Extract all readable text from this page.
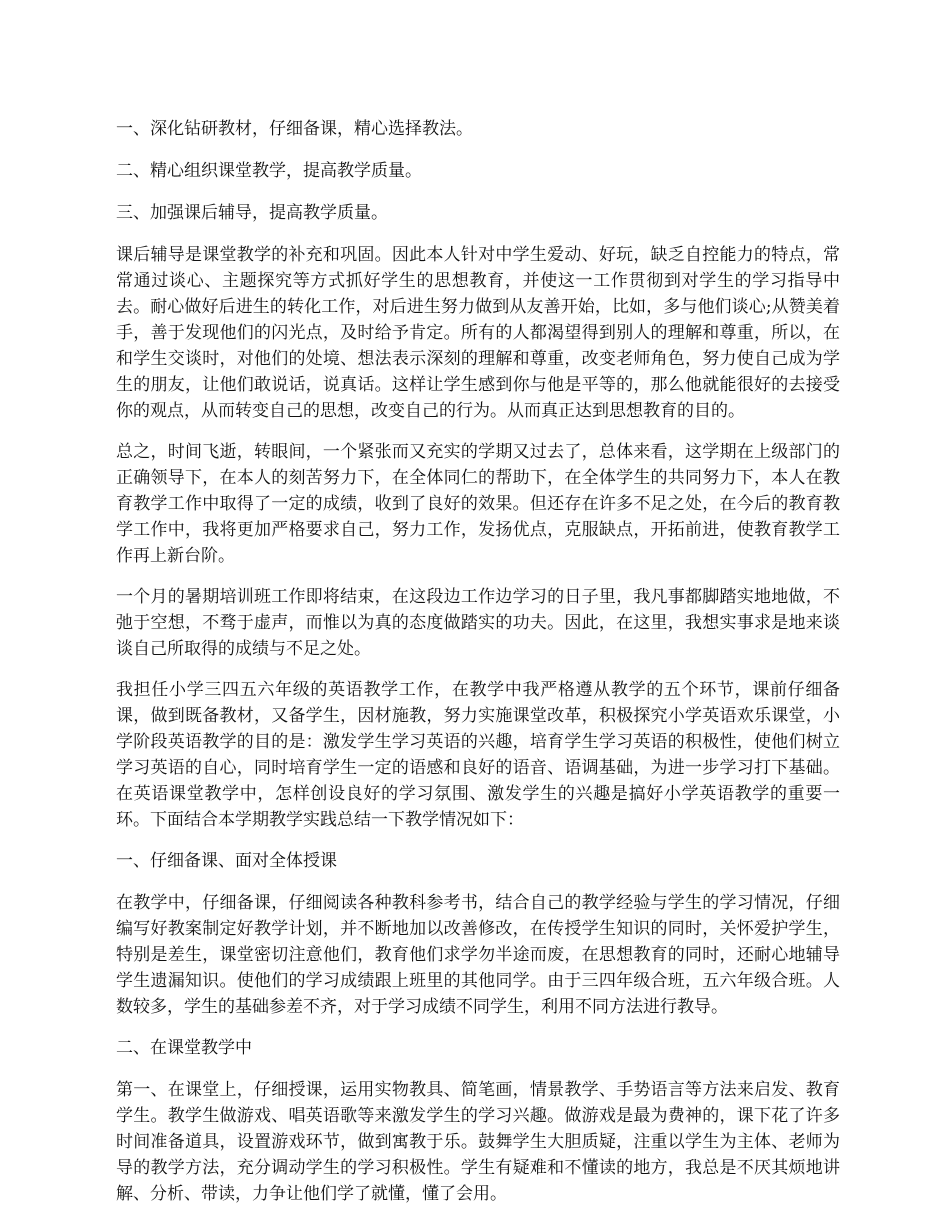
一、深化钻研教材，仔细备课，精心选择教法。

二、精心组织课堂教学，提高教学质量。

三、加强课后辅导，提高教学质量。

课后辅导是课堂教学的补充和巩固。因此本人针对中学生爱动、好玩，缺乏自控能力的特点，常常通过谈心、主题探究等方式抓好学生的思想教育，并使这一工作贯彻到对学生的学习指导中去。耐心做好后进生的转化工作，对后进生努力做到从友善开始，比如，多与他们谈心;从赞美着手，善于发现他们的闪光点，及时给予肯定。所有的人都渴望得到别人的理解和尊重，所以，在和学生交谈时，对他们的处境、想法表示深刻的理解和尊重，改变老师角色，努力使自己成为学生的朋友，让他们敢说话，说真话。这样让学生感到你与他是平等的，那么他就能很好的去接受你的观点，从而转变自己的思想，改变自己的行为。从而真正达到思想教育的目的。

总之，时间飞逝，转眼间，一个紧张而又充实的学期又过去了，总体来看，这学期在上级部门的正确领导下，在本人的刻苦努力下，在全体同仁的帮助下，在全体学生的共同努力下，本人在教育教学工作中取得了一定的成绩，收到了良好的效果。但还存在许多不足之处，在今后的教育教学工作中，我将更加严格要求自己，努力工作，发扬优点，克服缺点，开拓前进，使教育教学工作再上新台阶。

一个月的暑期培训班工作即将结束，在这段边工作边学习的日子里，我凡事都脚踏实地地做，不弛于空想，不骛于虚声，而惟以为真的态度做踏实的功夫。因此，在这里，我想实事求是地来谈谈自己所取得的成绩与不足之处。

我担任小学三四五六年级的英语教学工作，在教学中我严格遵从教学的五个环节，课前仔细备课，做到既备教材，又备学生，因材施教，努力实施课堂改革，积极探究小学英语欢乐课堂，小学阶段英语教学的目的是：激发学生学习英语的兴趣，培育学生学习英语的积极性，使他们树立学习英语的自心，同时培育学生一定的语感和良好的语音、语调基础，为进一步学习打下基础。在英语课堂教学中，怎样创设良好的学习氛围、激发学生的兴趣是搞好小学英语教学的重要一环。下面结合本学期教学实践总结一下教学情况如下：

一、仔细备课、面对全体授课

在教学中，仔细备课，仔细阅读各种教科参考书，结合自己的教学经验与学生的学习情况，仔细编写好教案制定好教学计划，并不断地加以改善修改，在传授学生知识的同时，关怀爱护学生，特别是差生，课堂密切注意他们，教育他们求学勿半途而废，在思想教育的同时，还耐心地辅导学生遗漏知识。使他们的学习成绩跟上班里的其他同学。由于三四年级合班，五六年级合班。人数较多，学生的基础参差不齐，对于学习成绩不同学生，利用不同方法进行教导。

二、在课堂教学中

第一、在课堂上，仔细授课，运用实物教具、简笔画，情景教学、手势语言等方法来启发、教育学生。教学生做游戏、唱英语歌等来激发学生的学习兴趣。做游戏是最为费神的，课下花了许多时间准备道具，设置游戏环节，做到寓教于乐。鼓舞学生大胆质疑，注重以学生为主体、老师为导的教学方法，充分调动学生的学习积极性。学生有疑难和不懂读的地方，我总是不厌其烦地讲解、分析、带读，力争让他们学了就懂，懂了会用。
